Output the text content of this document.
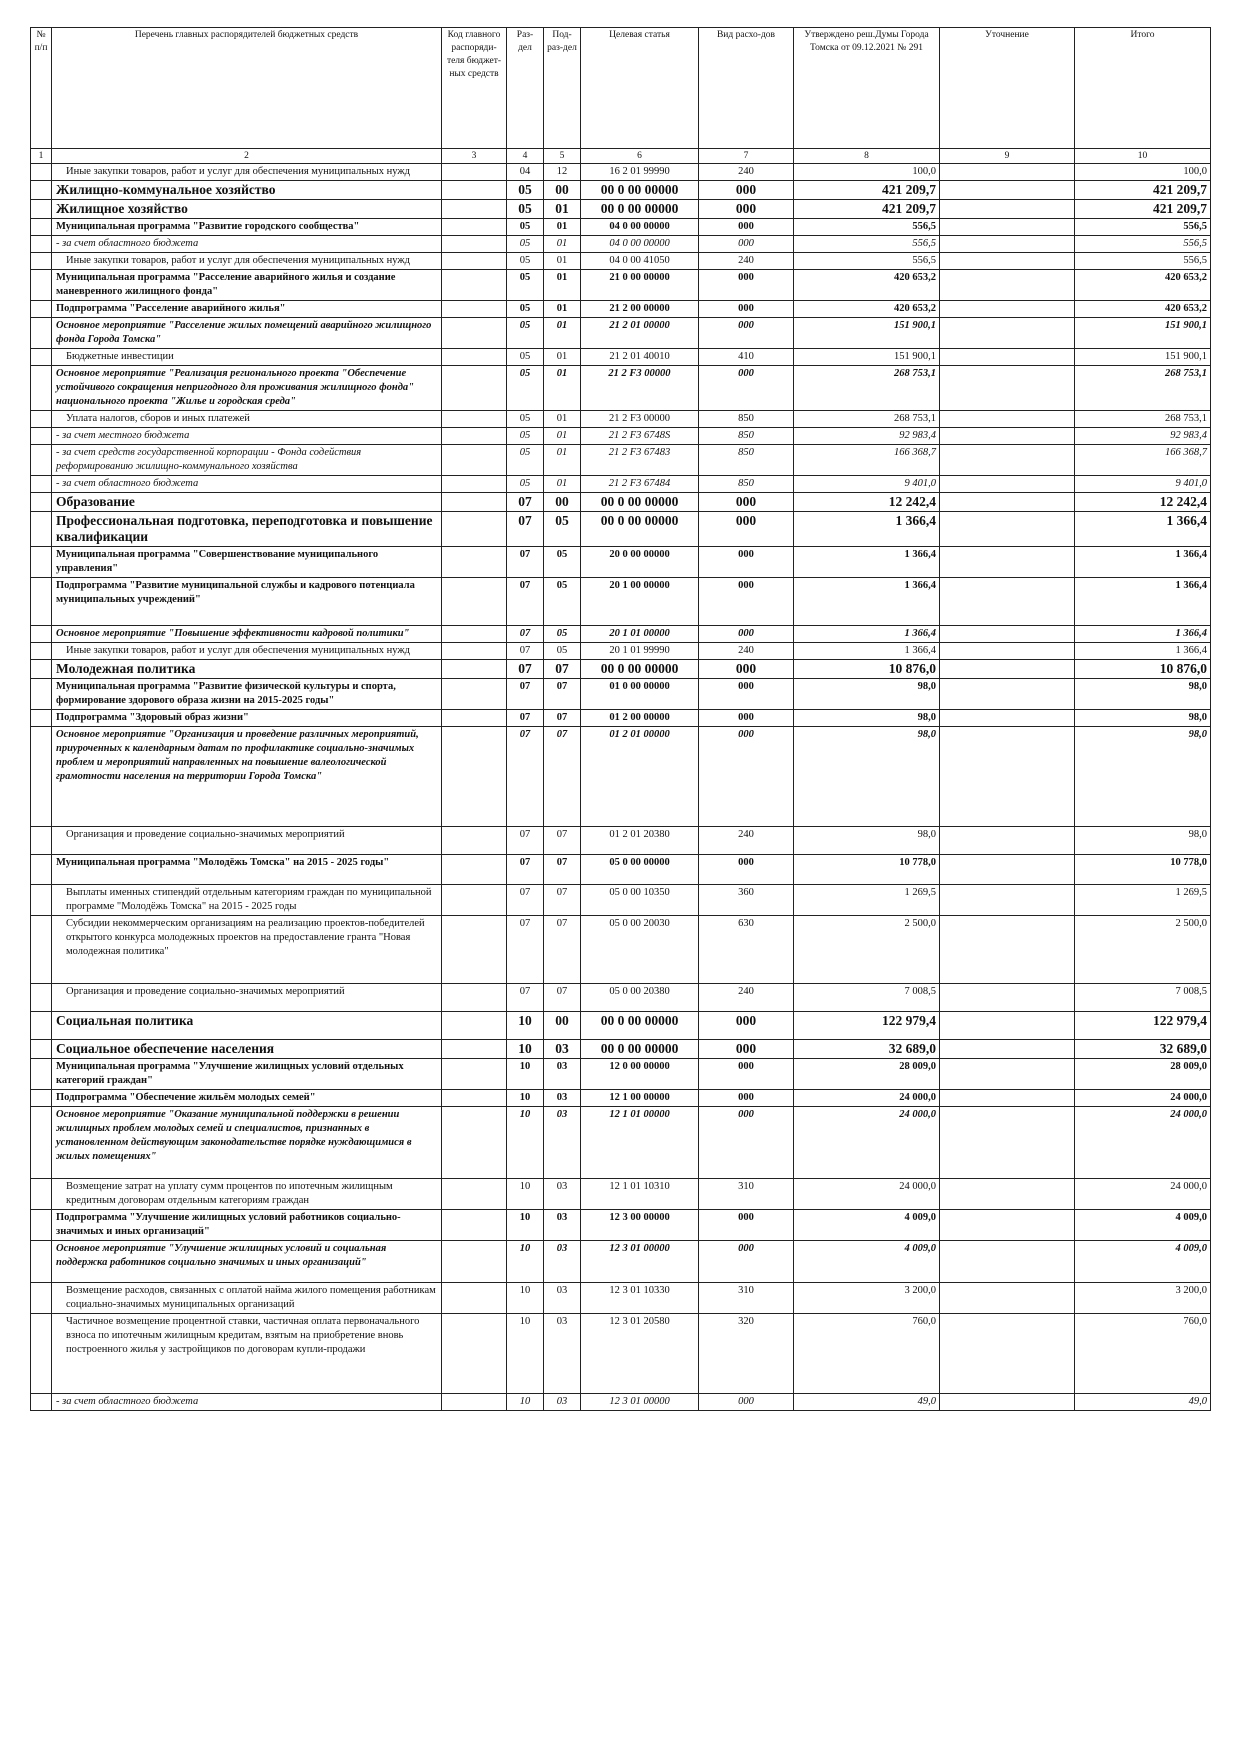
№ п/п	Перечень главных распорядителей бюджетных средств	Код главного распоряди-теля бюджет-ных средств	Раз-дел	Под-раз-дел	Целевая статья	Вид расхо-дов	Утверждено реш.Думы Города Томска от 09.12.2021 № 291	Уточнение	Итого
1	2	3	4	5	6	7	8	9	10
	Иные закупки товаров, работ и услуг для обеспечения муниципальных нужд		04	12	16 2 01 99990	240	100,0		100,0
	Жилищно-коммунальное хозяйство		05	00	00 0 00 00000	000	421 209,7		421 209,7
	Жилищное хозяйство		05	01	00 0 00 00000	000	421 209,7		421 209,7
	Муниципальная программа "Развитие городского сообщества"		05	01	04 0 00 00000	000	556,5		556,5
	- за счет областного бюджета		05	01	04 0 00 00000	000	556,5		556,5
	Иные закупки товаров, работ и услуг для обеспечения муниципальных нужд		05	01	04 0 00 41050	240	556,5		556,5
	Муниципальная программа "Расселение аварийного жилья и создание маневренного жилищного фонда"		05	01	21 0 00 00000	000	420 653,2		420 653,2
	Подпрограмма "Расселение аварийного жилья"		05	01	21 2 00 00000	000	420 653,2		420 653,2
	Основное мероприятие "Расселение жилых помещений аварийного жилищного фонда Города Томска"		05	01	21 2 01 00000	000	151 900,1		151 900,1
	Бюджетные инвестиции		05	01	21 2 01 40010	410	151 900,1		151 900,1
	Основное мероприятие "Реализация регионального проекта "Обеспечение устойчивого сокращения непригодного для проживания жилищного фонда" национального проекта "Жилье и городская среда"		05	01	21 2 F3 00000	000	268 753,1		268 753,1
	Уплата налогов, сборов и иных платежей		05	01	21 2 F3 00000	850	268 753,1		268 753,1
	- за счет местного бюджета		05	01	21 2 F3 6748S	850	92 983,4		92 983,4
	- за счет средств государственной корпорации - Фонда содействия реформированию жилищно-коммунального хозяйства		05	01	21 2 F3 67483	850	166 368,7		166 368,7
	- за счет областного бюджета		05	01	21 2 F3 67484	850	9 401,0		9 401,0
	Образование		07	00	00 0 00 00000	000	12 242,4		12 242,4
	Профессиональная подготовка, переподготовка и повышение квалификации		07	05	00 0 00 00000	000	1 366,4		1 366,4
	Муниципальная программа "Совершенствование муниципального управления"		07	05	20 0 00 00000	000	1 366,4		1 366,4
	Подпрограмма "Развитие муниципальной службы и кадрового потенциала муниципальных учреждений"		07	05	20 1 00 00000	000	1 366,4		1 366,4
	Основное мероприятие "Повышение эффективности кадровой политики"		07	05	20 1 01 00000	000	1 366,4		1 366,4
	Иные закупки товаров, работ и услуг для обеспечения муниципальных нужд		07	05	20 1 01 99990	240	1 366,4		1 366,4
	Молодежная политика		07	07	00 0 00 00000	000	10 876,0		10 876,0
	Муниципальная программа "Развитие физической культуры и спорта, формирование здорового образа жизни на 2015-2025 годы"		07	07	01 0 00 00000	000	98,0		98,0
	Подпрограмма "Здоровый образ жизни"		07	07	01 2 00 00000	000	98,0		98,0
	Основное мероприятие "Организация и проведение различных мероприятий, приуроченных к календарным датам по профилактике социально-значимых проблем и мероприятий направленных на повышение валеологической грамотности населения на территории Города Томска"		07	07	01 2 01 00000	000	98,0		98,0
	Организация и проведение социально-значимых мероприятий		07	07	01 2 01 20380	240	98,0		98,0
	Муниципальная программа "Молодёжь Томска" на 2015 - 2025 годы"		07	07	05 0 00 00000	000	10 778,0		10 778,0
	Выплаты именных стипендий отдельным категориям граждан по муниципальной программе "Молодёжь Томска" на 2015 - 2025 годы		07	07	05 0 00 10350	360	1 269,5		1 269,5
	Субсидии некоммерческим организациям на реализацию проектов-победителей открытого конкурса молодежных проектов на предоставление гранта "Новая молодежная политика"		07	07	05 0 00 20030	630	2 500,0		2 500,0
	Организация и проведение социально-значимых мероприятий		07	07	05 0 00 20380	240	7 008,5		7 008,5
	Социальная политика		10	00	00 0 00 00000	000	122 979,4		122 979,4
	Социальное обеспечение населения		10	03	00 0 00 00000	000	32 689,0		32 689,0
	Муниципальная программа "Улучшение жилищных условий отдельных категорий граждан"		10	03	12 0 00 00000	000	28 009,0		28 009,0
	Подпрограмма "Обеспечение жильём молодых семей"		10	03	12 1 00 00000	000	24 000,0		24 000,0
	Основное мероприятие "Оказание муниципальной поддержки в решении жилищных проблем молодых семей и специалистов, признанных в установленном действующим законодательстве порядке нуждающимися в жилых помещениях"		10	03	12 1 01 00000	000	24 000,0		24 000,0
	Возмещение затрат на уплату сумм процентов по ипотечным жилищным кредитным договорам отдельным категориям граждан		10	03	12 1 01 10310	310	24 000,0		24 000,0
	Подпрограмма "Улучшение жилищных условий работников социально-значимых и иных организаций"		10	03	12 3 00 00000	000	4 009,0		4 009,0
	Основное мероприятие "Улучшение жилищных условий и социальная поддержка работников социально значимых и иных организаций"		10	03	12 3 01 00000	000	4 009,0		4 009,0
	Возмещение расходов, связанных с оплатой найма жилого помещения работникам социально-значимых муниципальных организаций		10	03	12 3 01 10330	310	3 200,0		3 200,0
	Частичное возмещение процентной ставки, частичная оплата первоначального взноса по ипотечным жилищным кредитам, взятым на приобретение вновь построенного жилья у застройщиков по договорам купли-продажи		10	03	12 3 01 20580	320	760,0		760,0
	- за счет областного бюджета		10	03	12 3 01 00000	000	49,0		49,0
